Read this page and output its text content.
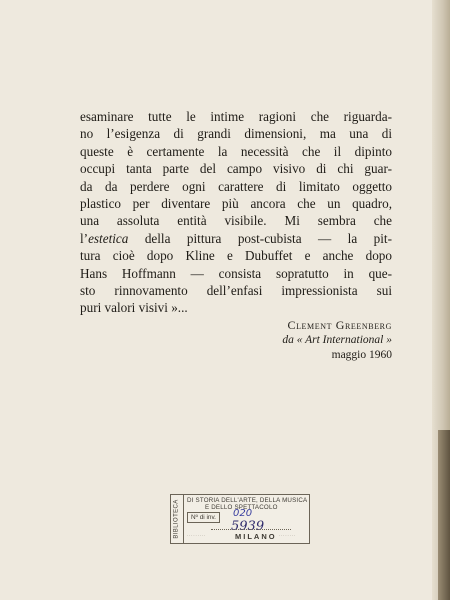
esaminare tutte le intime ragioni che riguarda-
no l’esigenza di grandi dimensioni, ma una di
queste è certamente la necessità che il dipinto
occupi tanta parte del campo visivo di chi guar-
da da perdere ogni carattere di limitato oggetto
plastico per diventare più ancora che un quadro,
una assoluta entità visibile. Mi sembra che
l’estetica della pittura post-cubista — la pit-
tura cioè dopo Kline e Dubuffet e anche dopo
Hans Hoffmann — consista sopratutto in que-
sto rinnovamento dell’enfasi impressionista sui
puri valori visivi »...

Clement Greenberg
da « Art International »
maggio 1960
BIBLIOTECA DI STORIA DELL'ARTE, DELLA MUSICA
E DELLO SPETTACOLO
Nº di inv.	020
5939
· · · · · · · · ·	MILANO · · · · · · · ·
